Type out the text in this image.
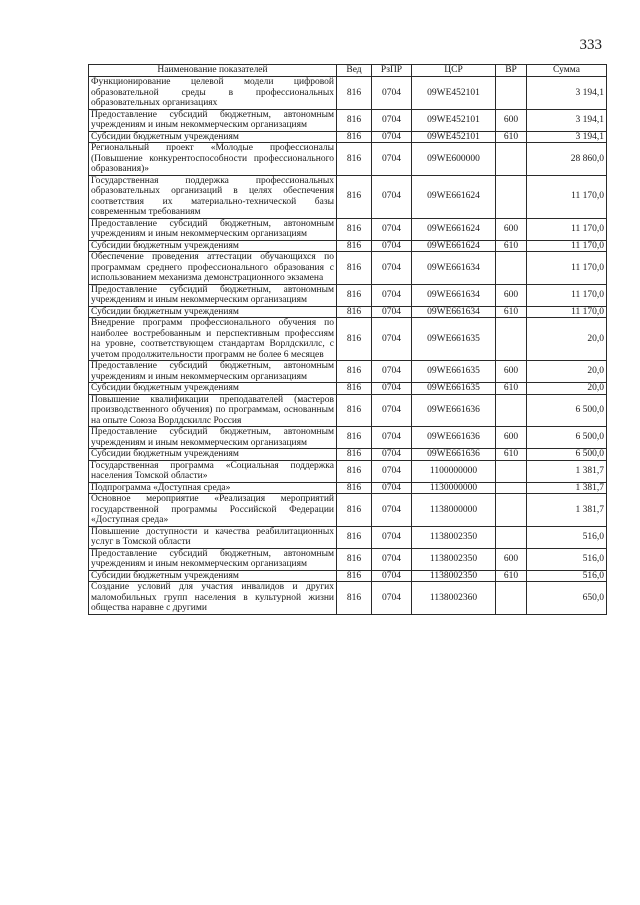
333
Наименование показателей	Вед	РзПР	ЦСР	ВР	Сумма
Функционирование целевой модели цифровой образовательной среды в профессиональных образовательных организациях	816	0704	09WE452101		3 194,1
Предоставление субсидий бюджетным, автономным учреждениям и иным некоммерческим организациям	816	0704	09WE452101	600	3 194,1
Субсидии бюджетным учреждениям	816	0704	09WE452101	610	3 194,1
Региональный проект «Молодые профессионалы (Повышение конкурентоспособности профессионального образования)»	816	0704	09WE600000		28 860,0
Государственная поддержка профессиональных образовательных организаций в целях обеспечения соответствия их материально-технической базы современным требованиям	816	0704	09WE661624		11 170,0
Предоставление субсидий бюджетным, автономным учреждениям и иным некоммерческим организациям	816	0704	09WE661624	600	11 170,0
Субсидии бюджетным учреждениям	816	0704	09WE661624	610	11 170,0
Обеспечение проведения аттестации обучающихся по программам среднего профессионального образования с использованием механизма демонстрационного экзамена	816	0704	09WE661634		11 170,0
Предоставление субсидий бюджетным, автономным учреждениям и иным некоммерческим организациям	816	0704	09WE661634	600	11 170,0
Субсидии бюджетным учреждениям	816	0704	09WE661634	610	11 170,0
Внедрение программ профессионального обучения по наиболее востребованным и перспективным профессиям на уровне, соответствующем стандартам Ворлдскиллс, с учетом продолжительности программ не более 6 месяцев	816	0704	09WE661635		20,0
Предоставление субсидий бюджетным, автономным учреждениям и иным некоммерческим организациям	816	0704	09WE661635	600	20,0
Субсидии бюджетным учреждениям	816	0704	09WE661635	610	20,0
Повышение квалификации преподавателей (мастеров производственного обучения) по программам, основанным на опыте Союза Ворлдскиллс Россия	816	0704	09WE661636		6 500,0
Предоставление субсидий бюджетным, автономным учреждениям и иным некоммерческим организациям	816	0704	09WE661636	600	6 500,0
Субсидии бюджетным учреждениям	816	0704	09WE661636	610	6 500,0
Государственная программа «Социальная поддержка населения Томской области»	816	0704	1100000000		1 381,7
Подпрограмма «Доступная среда»	816	0704	1130000000		1 381,7
Основное мероприятие «Реализация мероприятий государственной программы Российской Федерации «Доступная среда»	816	0704	1138000000		1 381,7
Повышение доступности и качества реабилитационных услуг в Томской области	816	0704	1138002350		516,0
Предоставление субсидий бюджетным, автономным учреждениям и иным некоммерческим организациям	816	0704	1138002350	600	516,0
Субсидии бюджетным учреждениям	816	0704	1138002350	610	516,0
Создание условий для участия инвалидов и других маломобильных групп населения в культурной жизни общества наравне с другими	816	0704	1138002360		650,0
